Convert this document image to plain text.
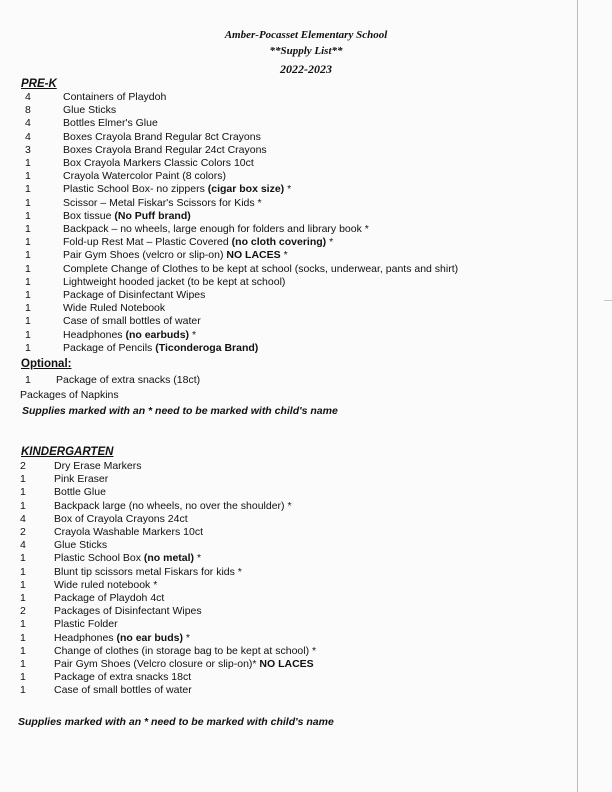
Amber-Pocasset Elementary School
**Supply List**
2022-2023
PRE-K
4	Containers of Playdoh
8	Glue Sticks
4	Bottles Elmer's Glue
4	Boxes Crayola Brand Regular 8ct Crayons
3	Boxes Crayola Brand Regular 24ct Crayons
1	Box Crayola Markers Classic Colors 10ct
1	Crayola Watercolor Paint (8 colors)
1	Plastic School Box- no zippers (cigar box size) *
1	Scissor – Metal Fiskar's Scissors for Kids *
1	Box tissue (No Puff brand)
1	Backpack – no wheels, large enough for folders and library book *
1	Fold-up Rest Mat – Plastic Covered (no cloth covering) *
1	Pair Gym Shoes (velcro or slip-on) NO LACES *
1	Complete Change of Clothes to be kept at school (socks, underwear, pants and shirt)
1	Lightweight hooded jacket (to be kept at school)
1	Package of Disinfectant Wipes
1	Wide Ruled Notebook
1	Case of small bottles of water
1	Headphones (no earbuds) *
1	Package of Pencils (Ticonderoga Brand)
Optional:
1 Package of extra snacks (18ct)
Packages of Napkins
Supplies marked with an * need to be marked with child's name
KINDERGARTEN
2	Dry Erase Markers
1	Pink Eraser
1	Bottle Glue
1	Backpack large (no wheels, no over the shoulder) *
4	Box of Crayola Crayons 24ct
2	Crayola Washable Markers 10ct
4	Glue Sticks
1	Plastic School Box (no metal) *
1	Blunt tip scissors metal Fiskars for kids *
1	Wide ruled notebook *
1	Package of Playdoh 4ct
2	Packages of Disinfectant Wipes
1	Plastic Folder
1	Headphones (no ear buds) *
1	Change of clothes (in storage bag to be kept at school) *
1	Pair Gym Shoes (Velcro closure or slip-on)* NO LACES
1	Package of extra snacks 18ct
1	Case of small bottles of water
Supplies marked with an * need to be marked with child's name
